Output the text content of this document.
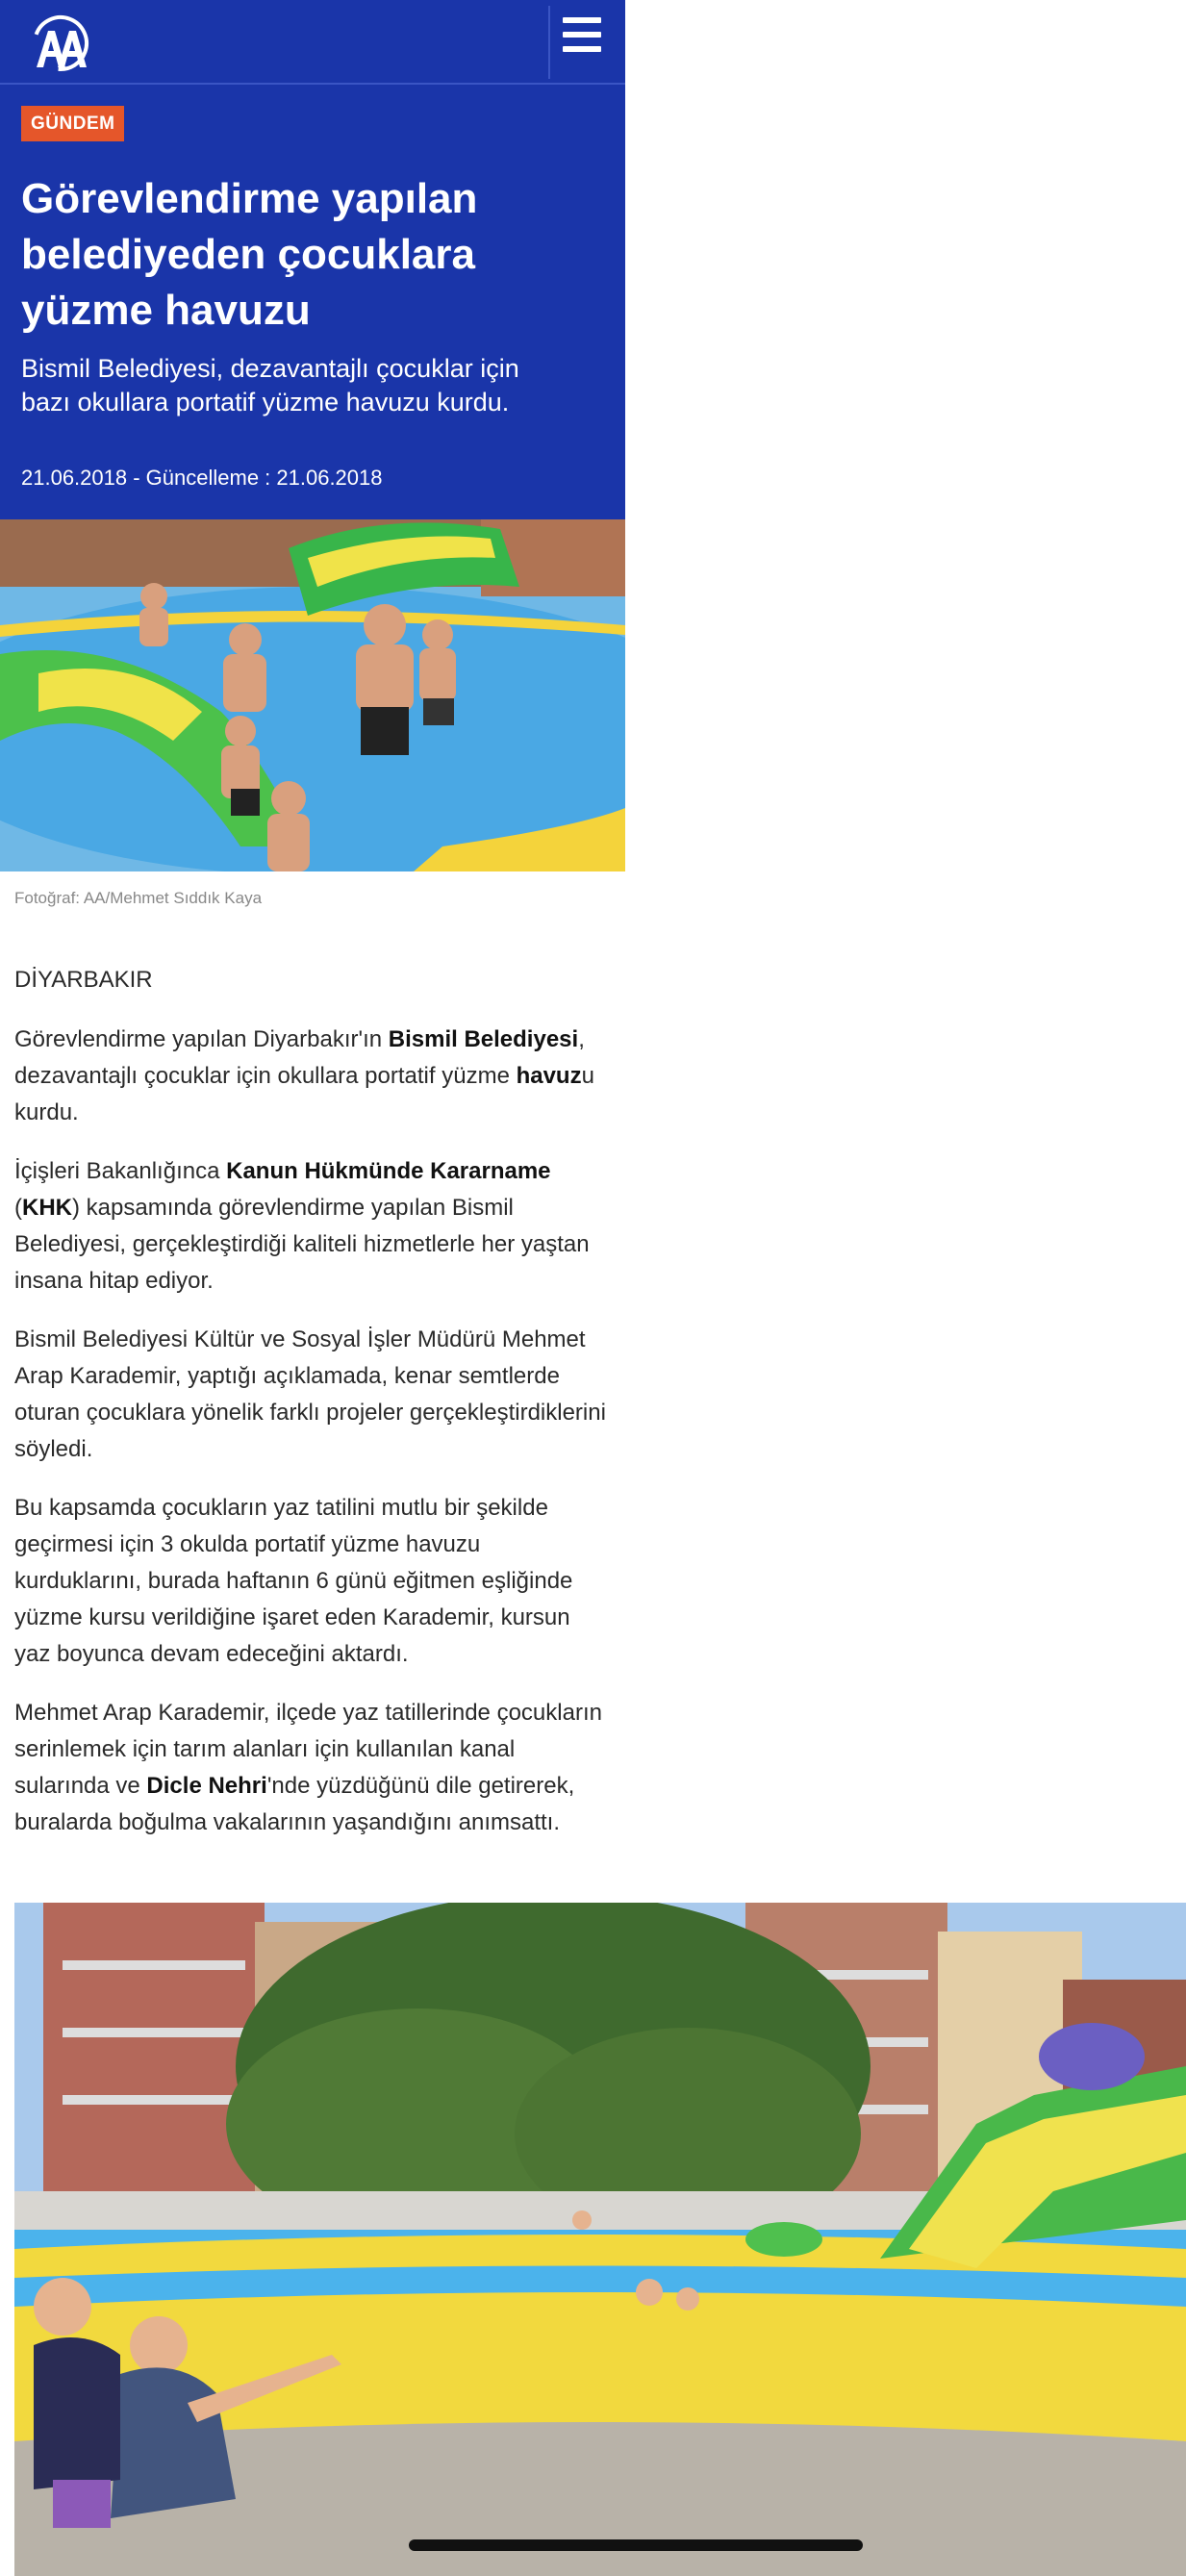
GÜNDEM
Görevlendirme yapılan belediyeden çocuklara yüzme havuzu
Bismil Belediyesi, dezavantajlı çocuklar için bazı okullara portatif yüzme havuzu kurdu.
21.06.2018 - Güncelleme : 21.06.2018
Fotoğraf: AA/Mehmet Sıddık Kaya

DİYARBAKIR

Görevlendirme yapılan Diyarbakır'ın Bismil Belediyesi, dezavantajlı çocuklar için okullara portatif yüzme havuzu kurdu.

İçişleri Bakanlığınca Kanun Hükmünde Kararname (KHK) kapsamında görevlendirme yapılan Bismil Belediyesi, gerçekleştirdiği kaliteli hizmetlerle her yaştan insana hitap ediyor.

Bismil Belediyesi Kültür ve Sosyal İşler Müdürü Mehmet Arap Karademir, yaptığı açıklamada, kenar semtlerde oturan çocuklara yönelik farklı projeler gerçekleştirdiklerini söyledi.

Bu kapsamda çocukların yaz tatilini mutlu bir şekilde geçirmesi için 3 okulda portatif yüzme havuzu kurduklarını, burada haftanın 6 günü eğitmen eşliğinde yüzme kursu verildiğine işaret eden Karademir, kursun yaz boyunca devam edeceğini aktardı.

Mehmet Arap Karademir, ilçede yaz tatillerinde çocukların serinlemek için tarım alanları için kullanılan kanal sularında ve Dicle Nehri'nde yüzdüğünü dile getirerek, buralarda boğulma vakalarının yaşandığını anımsattı.
